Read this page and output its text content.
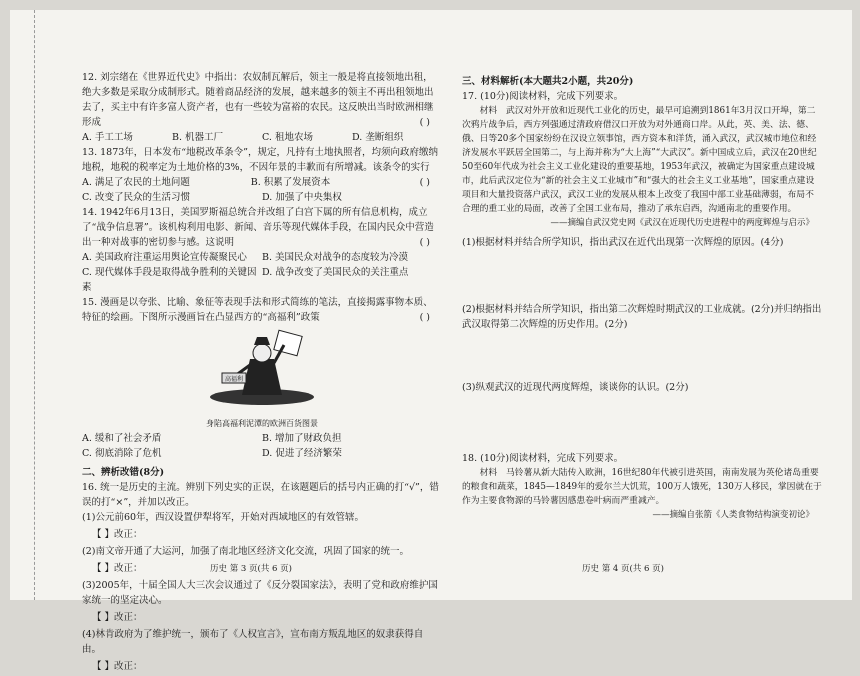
12. 刘宗绪在《世界近代史》中指出：农奴制瓦解后，领主一般是将直接领地出租，绝大多数是采取分成制形式。随着商品经济的发展，越来越多的领主不再出租领地出去了，买主中有许多富人资产者，也有一些较为富裕的农民。这反映出当时欧洲相继形成	( )

A. 手工工场	B. 机器工厂	C. 租地农场	D. 垄断组织

13. 1873年，日本发布“地税改革条令”，规定，凡持有土地执照者，均须向政府缴纳地税，地税的税率定为土地价格的3%，不因年景的丰歉而有所增减。该条令的实行
( )

A. 满足了农民的土地问题	B. 积累了发展资本
C. 改变了民众的生活习惯	D. 加强了中央集权

14. 1942年6月13日，美国罗斯福总统合并改组了白宫下属的所有信息机构，成立了“战争信息署”。该机构利用电影、新闻、音乐等现代媒体手段，在国内民众中营造出一种对战事的密切参与感。这说明	( )

A. 美国政府注重运用舆论宣传凝聚民心	B. 美国民众对战争的态度较为冷漠
C. 现代媒体手段是取得战争胜利的关键因素
D. 战争改变了美国民众的关注重点

15. 漫画是以夸张、比喻、象征等表现手法和形式简练的笔法，直接揭露事物本质、特征的绘画。下图所示漫画旨在凸显西方的“高福利”政策	( )

高福利
身陷高福利泥潭的欧洲百货图景
A. 缓和了社会矛盾	B. 增加了财政负担
C. 彻底消除了危机	D. 促进了经济繁荣
二、辨析改错(8分)

16. 统一是历史的主流。辨别下列史实的正误，在该题题后的括号内正确的打“√”，错误的打“×”，并加以改正。

(1)公元前60年，西汉设置伊犁将军，开始对西域地区的有效管辖。

【 】改正：

(2)南文帝开通了大运河，加强了南北地区经济文化交流，巩固了国家的统一。

【 】改正：

(3)2005年，十届全国人大三次会议通过了《反分裂国家法》，表明了党和政府维护国家统一的坚定决心。

【 】改正：

(4)林肯政府为了维护统一，颁布了《人权宣言》，宣布南方叛乱地区的奴隶获得自由。

【 】改正：
三、材料解析(本大题共2小题，共20分)

17. (10分)阅读材料，完成下列要求。

材料　武汉对外开放和近现代工业化的历史，最早可追溯到1861年3月汉口开埠，第二次鸦片战争后，西方列强通过清政府借汉口开放为对外通商口岸。从此，英、美、法、德、俄、日等20多个国家纷纷在汉设立领事馆，西方资本和洋货，涌入武汉，武汉城市地位和经济发展水平跃居全国第二，与上海并称为“大上海”“大武汉”。新中国成立后，武汉在20世纪50至60年代成为社会主义工业化建设的重要基地，1953年武汉，被确定为国家重点建设城市，此后武汉定位为“新的社会主义工业城市”和“强大的社会主义工业基地”，国家重点建设项目和大量投资落户武汉，武汉工业的发展从根本上改变了我国中部工业基础薄弱，布局不合理的重工业的局面，改善了全国工业布局，推动了承东启西，沟通南北的重要作用。

——摘编自武汉党史网《武汉在近现代历史进程中的两度辉煌与启示》

(1)根据材料并结合所学知识，指出武汉在近代出现第一次辉煌的原因。(4分)

(2)根据材料并结合所学知识，指出第二次辉煌时期武汉的工业成就。(2分)并归纳指出武汉取得第二次辉煌的历史作用。(2分)

(3)纵观武汉的近现代两度辉煌，谈谈你的认识。(2分)

18. (10分)阅读材料，完成下列要求。

材料　马铃薯从新大陆传入欧洲，16世纪80年代被引进英国，南南发展为英伦诸岛重要的粮食和蔬菜，1845—1849年的爱尔兰大饥荒，100万人饿死，130万人移民，掌因就在于作为主要食物源的马铃薯因感患卷叶病而严重减产。

——摘编自张箭《人类食物结构演变初论》
历史 第 3 页(共 6 页)	历史 第 4 页(共 6 页)
